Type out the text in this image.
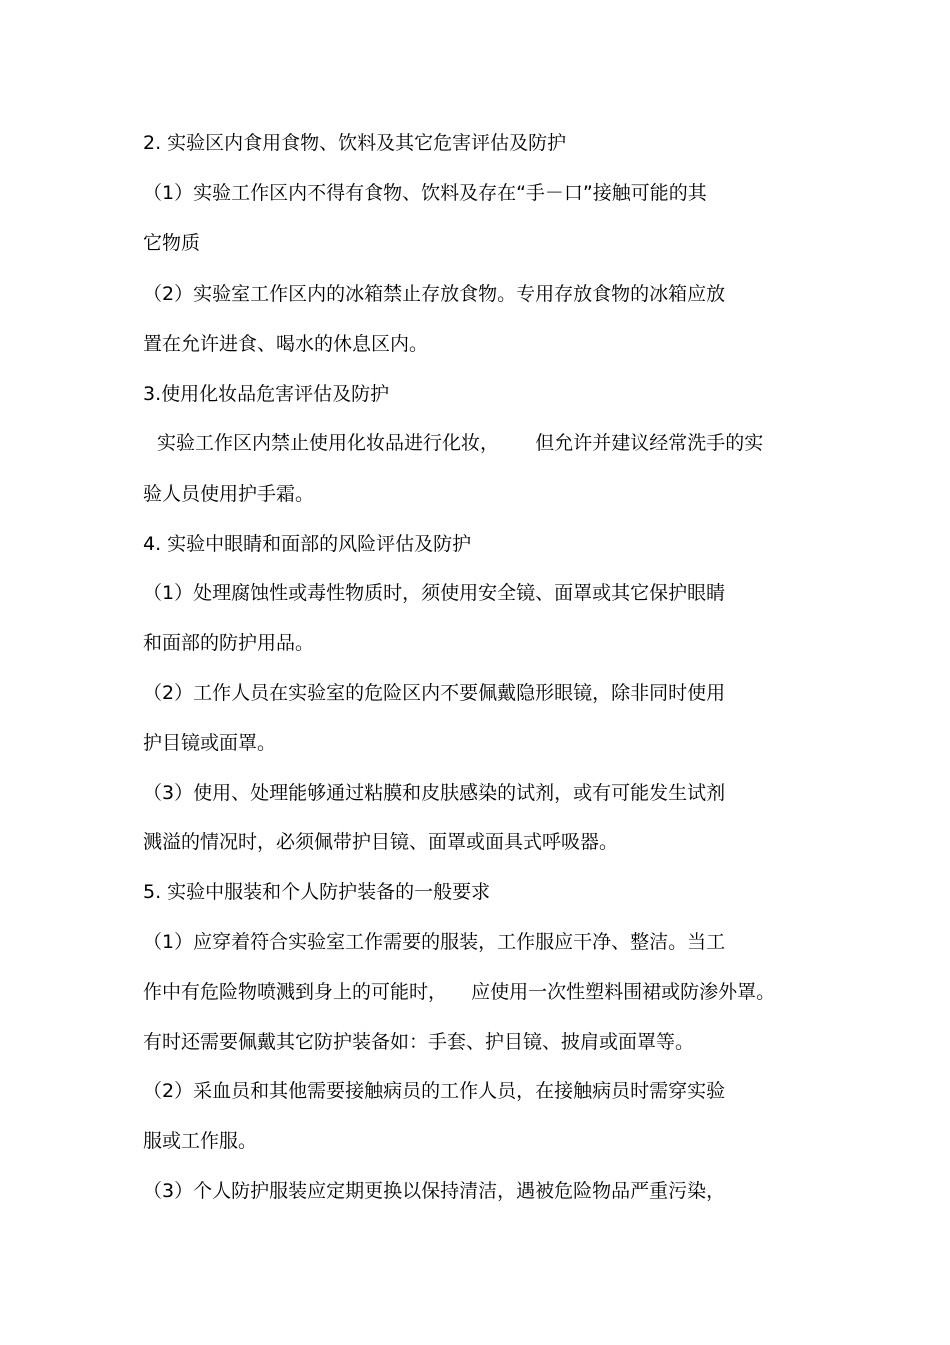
2. 实验区内食用食物、饮料及其它危害评估及防护
（1）实验工作区内不得有食物、饮料及存在“手－口”接触可能的其
它物质
（2）实验室工作区内的冰箱禁止存放食物。专用存放食物的冰箱应放
置在允许进食、喝水的休息区内。
3.使用化妆品危害评估及防护
实验工作区内禁止使用化妆品进行化妆，      但允许并建议经常洗手的实
验人员使用护手霜。
4. 实验中眼睛和面部的风险评估及防护
（1）处理腐蚀性或毒性物质时，须使用安全镜、面罩或其它保护眼睛
和面部的防护用品。
（2）工作人员在实验室的危险区内不要佩戴隐形眼镜，除非同时使用
护目镜或面罩。
（3）使用、处理能够通过粘膜和皮肤感染的试剂，或有可能发生试剂
溅溢的情况时，必须佩带护目镜、面罩或面具式呼吸器。
5. 实验中服装和个人防护装备的一般要求
（1）应穿着符合实验室工作需要的服装，工作服应干净、整洁。当工
作中有危险物喷溅到身上的可能时，    应使用一次性塑料围裙或防渗外罩。
有时还需要佩戴其它防护装备如：手套、护目镜、披肩或面罩等。
（2）采血员和其他需要接触病员的工作人员，在接触病员时需穿实验
服或工作服。
（3）个人防护服装应定期更换以保持清洁，遇被危险物品严重污染，
